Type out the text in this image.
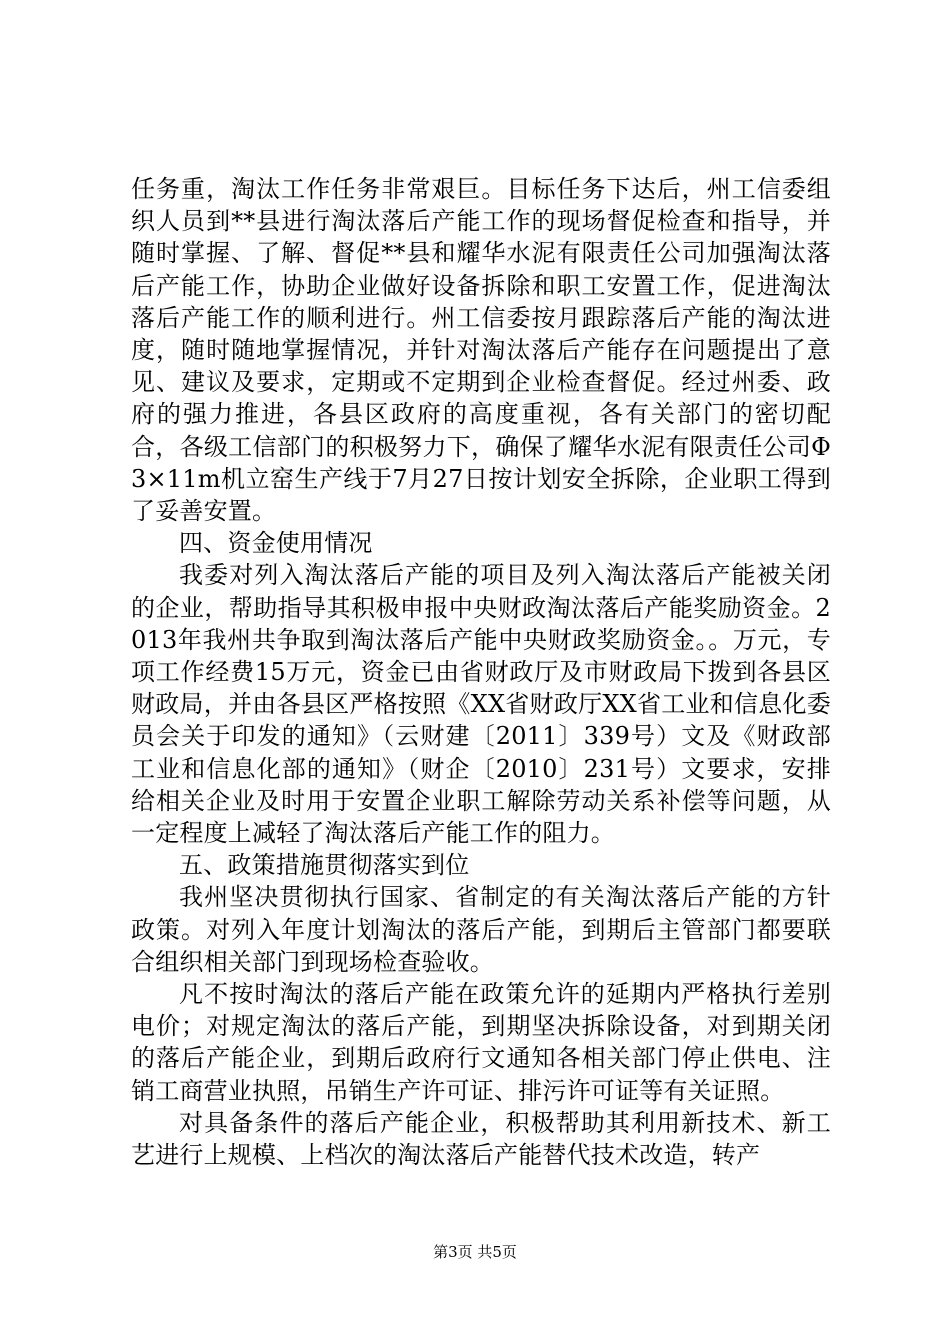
任务重，淘汰工作任务非常艰巨。目标任务下达后，州工信委组织人员到**县进行淘汰落后产能工作的现场督促检查和指导，并随时掌握、了解、督促**县和耀华水泥有限责任公司加强淘汰落后产能工作，协助企业做好设备拆除和职工安置工作，促进淘汰落后产能工作的顺利进行。州工信委按月跟踪落后产能的淘汰进度，随时随地掌握情况，并针对淘汰落后产能存在问题提出了意见、建议及要求，定期或不定期到企业检查督促。经过州委、政府的强力推进，各县区政府的高度重视，各有关部门的密切配合，各级工信部门的积极努力下，确保了耀华水泥有限责任公司Φ3×11m机立窑生产线于7月27日按计划安全拆除，企业职工得到了妥善安置。

四、资金使用情况

我委对列入淘汰落后产能的项目及列入淘汰落后产能被关闭的企业，帮助指导其积极申报中央财政淘汰落后产能奖励资金。2013年我州共争取到淘汰落后产能中央财政奖励资金。。万元，专项工作经费15万元，资金已由省财政厅及市财政局下拨到各县区财政局，并由各县区严格按照《XX省财政厅XX省工业和信息化委员会关于印发的通知》（云财建〔2011〕339号）文及《财政部工业和信息化部的通知》（财企〔2010〕231号）文要求，安排给相关企业及时用于安置企业职工解除劳动关系补偿等问题，从一定程度上减轻了淘汰落后产能工作的阻力。

五、政策措施贯彻落实到位

我州坚决贯彻执行国家、省制定的有关淘汰落后产能的方针政策。对列入年度计划淘汰的落后产能，到期后主管部门都要联合组织相关部门到现场检查验收。

凡不按时淘汰的落后产能在政策允许的延期内严格执行差别电价；对规定淘汰的落后产能，到期坚决拆除设备，对到期关闭的落后产能企业，到期后政府行文通知各相关部门停止供电、注销工商营业执照，吊销生产许可证、排污许可证等有关证照。

对具备条件的落后产能企业，积极帮助其利用新技术、新工艺进行上规模、上档次的淘汰落后产能替代技术改造，转产

第3页 共5页
